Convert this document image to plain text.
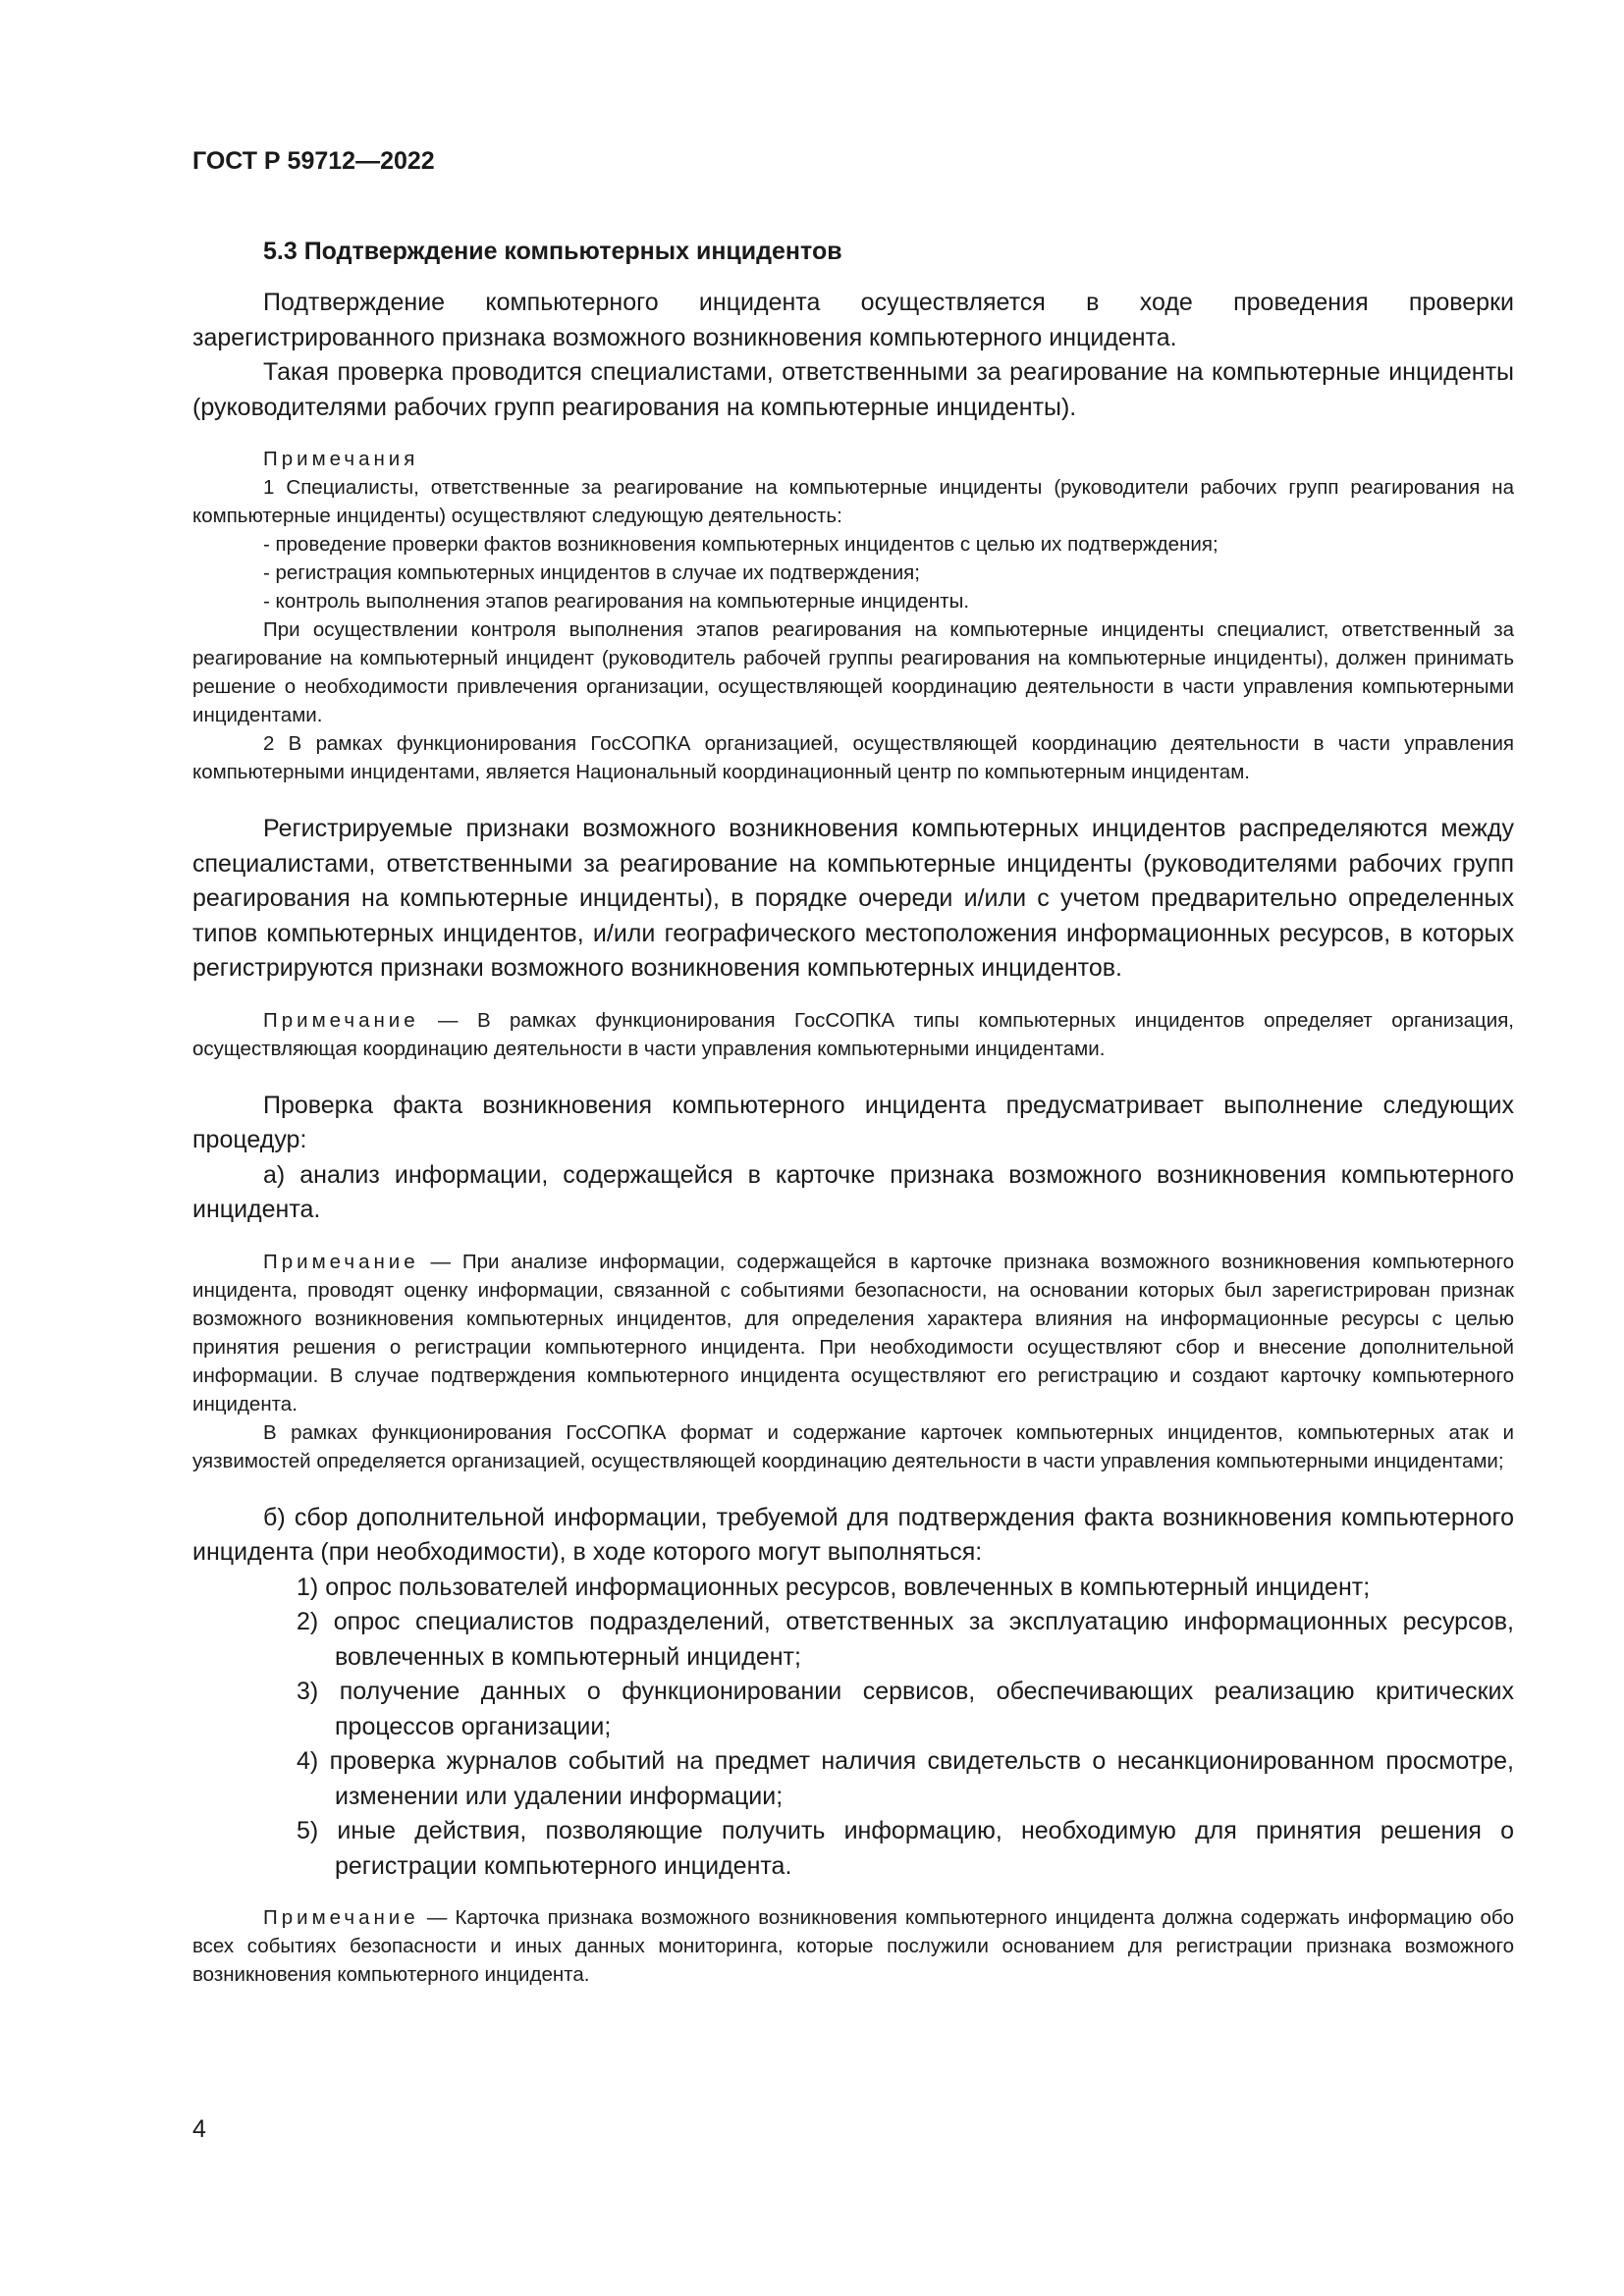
ГОСТ Р 59712—2022
5.3 Подтверждение компьютерных инцидентов

Подтверждение компьютерного инцидента осуществляется в ходе проведения проверки зарегистрированного признака возможного возникновения компьютерного инцидента.

Такая проверка проводится специалистами, ответственными за реагирование на компьютерные инциденты (руководителями рабочих групп реагирования на компьютерные инциденты).

Примечания

1 Специалисты, ответственные за реагирование на компьютерные инциденты (руководители рабочих групп реагирования на компьютерные инциденты) осуществляют следующую деятельность:

- проведение проверки фактов возникновения компьютерных инцидентов с целью их подтверждения;
- регистрация компьютерных инцидентов в случае их подтверждения;
- контроль выполнения этапов реагирования на компьютерные инциденты.

При осуществлении контроля выполнения этапов реагирования на компьютерные инциденты специалист, ответственный за реагирование на компьютерный инцидент (руководитель рабочей группы реагирования на компьютерные инциденты), должен принимать решение о необходимости привлечения организации, осуществляющей координацию деятельности в части управления компьютерными инцидентами.

2 В рамках функционирования ГосСОПКА организацией, осуществляющей координацию деятельности в части управления компьютерными инцидентами, является Национальный координационный центр по компьютерным инцидентам.

Регистрируемые признаки возможного возникновения компьютерных инцидентов распределяются между специалистами, ответственными за реагирование на компьютерные инциденты (руководителями рабочих групп реагирования на компьютерные инциденты), в порядке очереди и/или с учетом предварительно определенных типов компьютерных инцидентов, и/или географического местоположения информационных ресурсов, в которых регистрируются признаки возможного возникновения компьютерных инцидентов.

Примечание — В рамках функционирования ГосСОПКА типы компьютерных инцидентов определяет организация, осуществляющая координацию деятельности в части управления компьютерными инцидентами.

Проверка факта возникновения компьютерного инцидента предусматривает выполнение следующих процедур:

а) анализ информации, содержащейся в карточке признака возможного возникновения компьютерного инцидента.

Примечание — При анализе информации, содержащейся в карточке признака возможного возникновения компьютерного инцидента, проводят оценку информации, связанной с событиями безопасности, на основании которых был зарегистрирован признак возможного возникновения компьютерных инцидентов, для определения характера влияния на информационные ресурсы с целью принятия решения о регистрации компьютерного инцидента. При необходимости осуществляют сбор и внесение дополнительной информации. В случае подтверждения компьютерного инцидента осуществляют его регистрацию и создают карточку компьютерного инцидента.

В рамках функционирования ГосСОПКА формат и содержание карточек компьютерных инцидентов, компьютерных атак и уязвимостей определяется организацией, осуществляющей координацию деятельности в части управления компьютерными инцидентами;

б) сбор дополнительной информации, требуемой для подтверждения факта возникновения компьютерного инцидента (при необходимости), в ходе которого могут выполняться:

1) опрос пользователей информационных ресурсов, вовлеченных в компьютерный инцидент;

2) опрос специалистов подразделений, ответственных за эксплуатацию информационных ресурсов, вовлеченных в компьютерный инцидент;

3) получение данных о функционировании сервисов, обеспечивающих реализацию критических процессов организации;

4) проверка журналов событий на предмет наличия свидетельств о несанкционированном просмотре, изменении или удалении информации;

5) иные действия, позволяющие получить информацию, необходимую для принятия решения о регистрации компьютерного инцидента.

Примечание — Карточка признака возможного возникновения компьютерного инцидента должна содержать информацию обо всех событиях безопасности и иных данных мониторинга, которые послужили основанием для регистрации признака возможного возникновения компьютерного инцидента.

4
